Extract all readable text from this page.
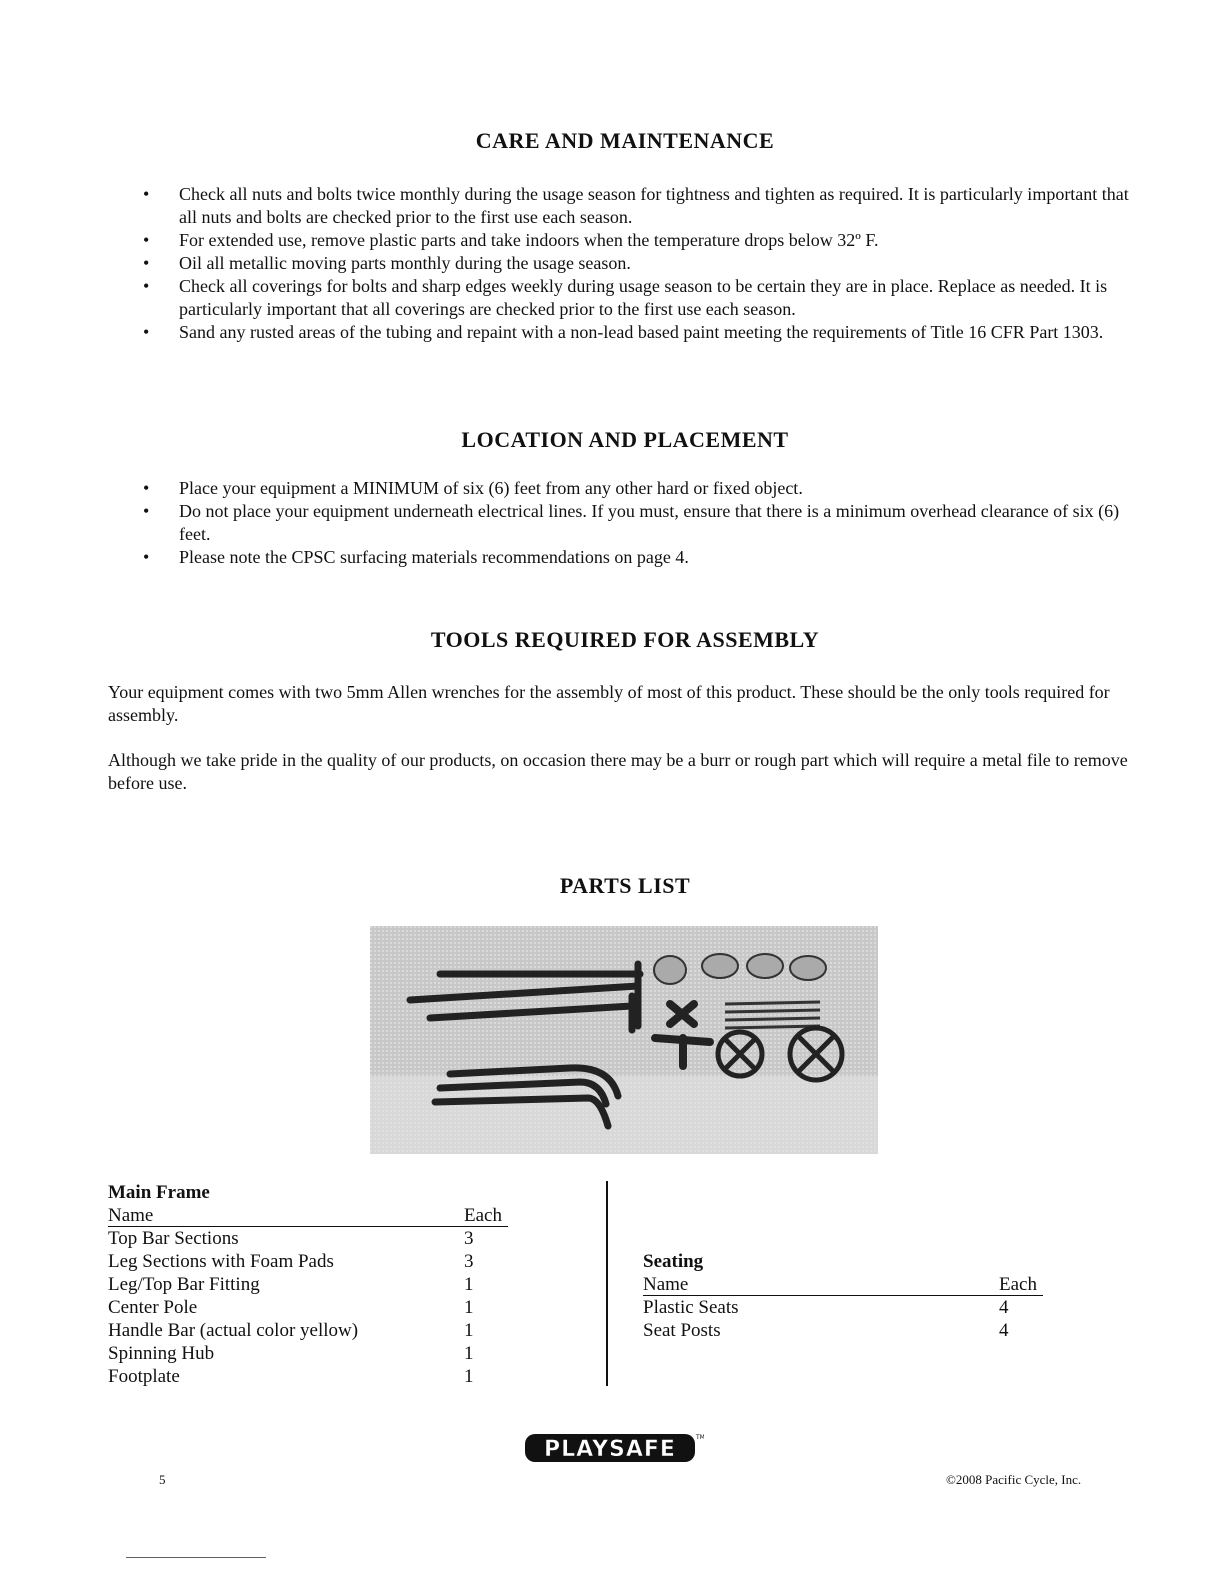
CARE AND MAINTENANCE
• Check all nuts and bolts twice monthly during the usage season for tightness and tighten as required. It is particularly important that all nuts and bolts are checked prior to the first use each season.
• For extended use, remove plastic parts and take indoors when the temperature drops below 32º F.
• Oil all metallic moving parts monthly during the usage season.
• Check all coverings for bolts and sharp edges weekly during usage season to be certain they are in place. Replace as needed. It is particularly important that all coverings are checked prior to the first use each season.
• Sand any rusted areas of the tubing and repaint with a non-lead based paint meeting the requirements of Title 16 CFR Part 1303.
LOCATION AND PLACEMENT
• Place your equipment a MINIMUM of six (6) feet from any other hard or fixed object.
• Do not place your equipment underneath electrical lines. If you must, ensure that there is a minimum overhead clearance of six (6) feet.
• Please note the CPSC surfacing materials recommendations on page 4.
TOOLS REQUIRED FOR ASSEMBLY

Your equipment comes with two 5mm Allen wrenches for the assembly of most of this product. These should be the only tools required for assembly.

Although we take pride in the quality of our products, on occasion there may be a burr or rough part which will require a metal file to remove before use.

PARTS LIST
Main Frame
Name	Each
Top Bar Sections	3
Leg Sections with Foam Pads	3
Leg/Top Bar Fitting	1
Center Pole	1
Handle Bar (actual color yellow)	1
Spinning Hub	1
Footplate	1
Seating
Name	Each
Plastic Seats	4
Seat Posts	4
5
PLAYSAFE	TM
©2008 Pacific Cycle, Inc.
